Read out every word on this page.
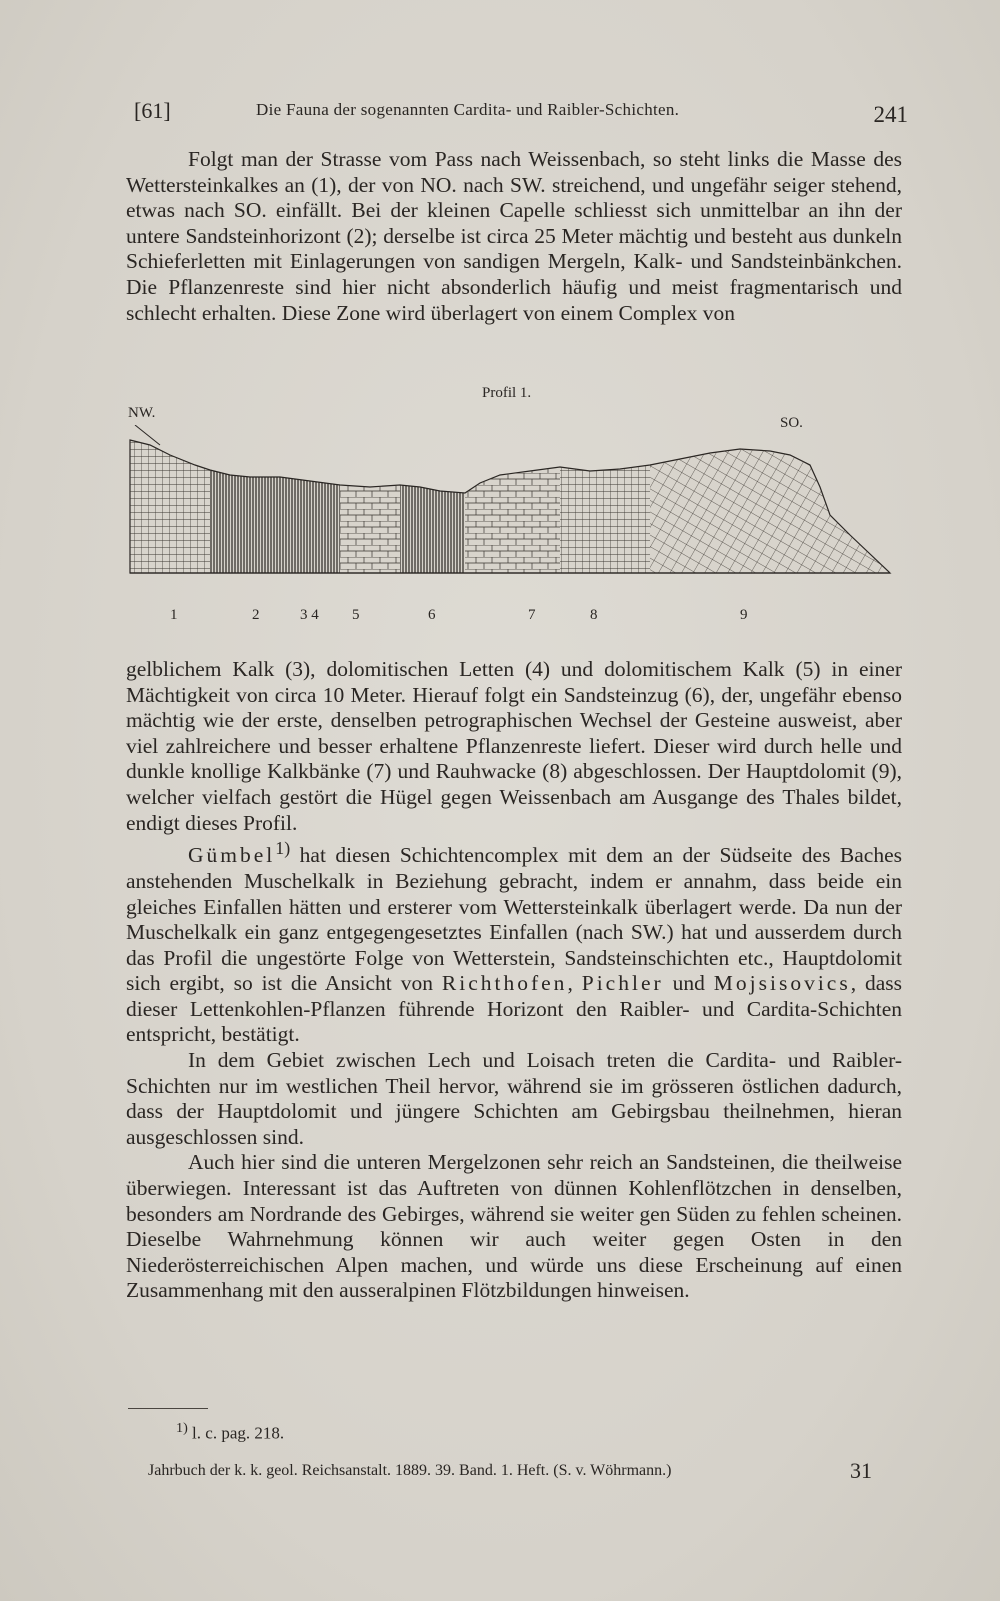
[61]	Die Fauna der sogenannten Cardita- und Raibler-Schichten.	241

Folgt man der Strasse vom Pass nach Weissenbach, so steht links die Masse des Wettersteinkalkes an (1), der von NO. nach SW. streichend, und ungefähr seiger stehend, etwas nach SO. einfällt. Bei der kleinen Capelle schliesst sich unmittelbar an ihn der untere Sandsteinhorizont (2); derselbe ist circa 25 Meter mächtig und besteht aus dunkeln Schieferletten mit Einlagerungen von sandigen Mergeln, Kalk- und Sandsteinbänkchen. Die Pflanzenreste sind hier nicht absonderlich häufig und meist fragmentarisch und schlecht erhalten. Diese Zone wird überlagert von einem Complex von

Profil 1.
NW.
SO.
1	2	3 4 5	6	7	8	9

gelblichem Kalk (3), dolomitischen Letten (4) und dolomitischem Kalk (5) in einer Mächtigkeit von circa 10 Meter. Hierauf folgt ein Sandsteinzug (6), der, ungefähr ebenso mächtig wie der erste, denselben petrographischen Wechsel der Gesteine ausweist, aber viel zahlreichere und besser erhaltene Pflanzenreste liefert. Dieser wird durch helle und dunkle knollige Kalkbänke (7) und Rauhwacke (8) abgeschlossen. Der Hauptdolomit (9), welcher vielfach gestört die Hügel gegen Weissenbach am Ausgange des Thales bildet, endigt dieses Profil.

Gümbel$^{1)}$ hat diesen Schichtencomplex mit dem an der Südseite des Baches anstehenden Muschelkalk in Beziehung gebracht, indem er annahm, dass beide ein gleiches Einfallen hätten und ersterer vom Wettersteinkalk überlagert werde. Da nun der Muschelkalk ein ganz entgegengesetztes Einfallen (nach SW.) hat und ausserdem durch das Profil die ungestörte Folge von Wetterstein, Sandsteinschichten etc., Hauptdolomit sich ergibt, so ist die Ansicht von Richthofen, Pichler und Mojsisovics, dass dieser Lettenkohlen-Pflanzen führende Horizont den Raibler- und Cardita-Schichten entspricht, bestätigt.

In dem Gebiet zwischen Lech und Loisach treten die Cardita- und Raibler-Schichten nur im westlichen Theil hervor, während sie im grösseren östlichen dadurch, dass der Hauptdolomit und jüngere Schichten am Gebirgsbau theilnehmen, hieran ausgeschlossen sind.

Auch hier sind die unteren Mergelzonen sehr reich an Sandsteinen, die theilweise überwiegen. Interessant ist das Auftreten von dünnen Kohlenflötzchen in denselben, besonders am Nordrande des Gebirges, während sie weiter gen Süden zu fehlen scheinen. Dieselbe Wahrnehmung können wir auch weiter gegen Osten in den Niederösterreichischen Alpen machen, und würde uns diese Erscheinung auf einen Zusammenhang mit den ausseralpinen Flötzbildungen hinweisen.

$^{1)}$ l. c. pag. 218.
Jahrbuch der k. k. geol. Reichsanstalt. 1889. 39. Band. 1. Heft. (S. v. Wöhrmann.)	31
